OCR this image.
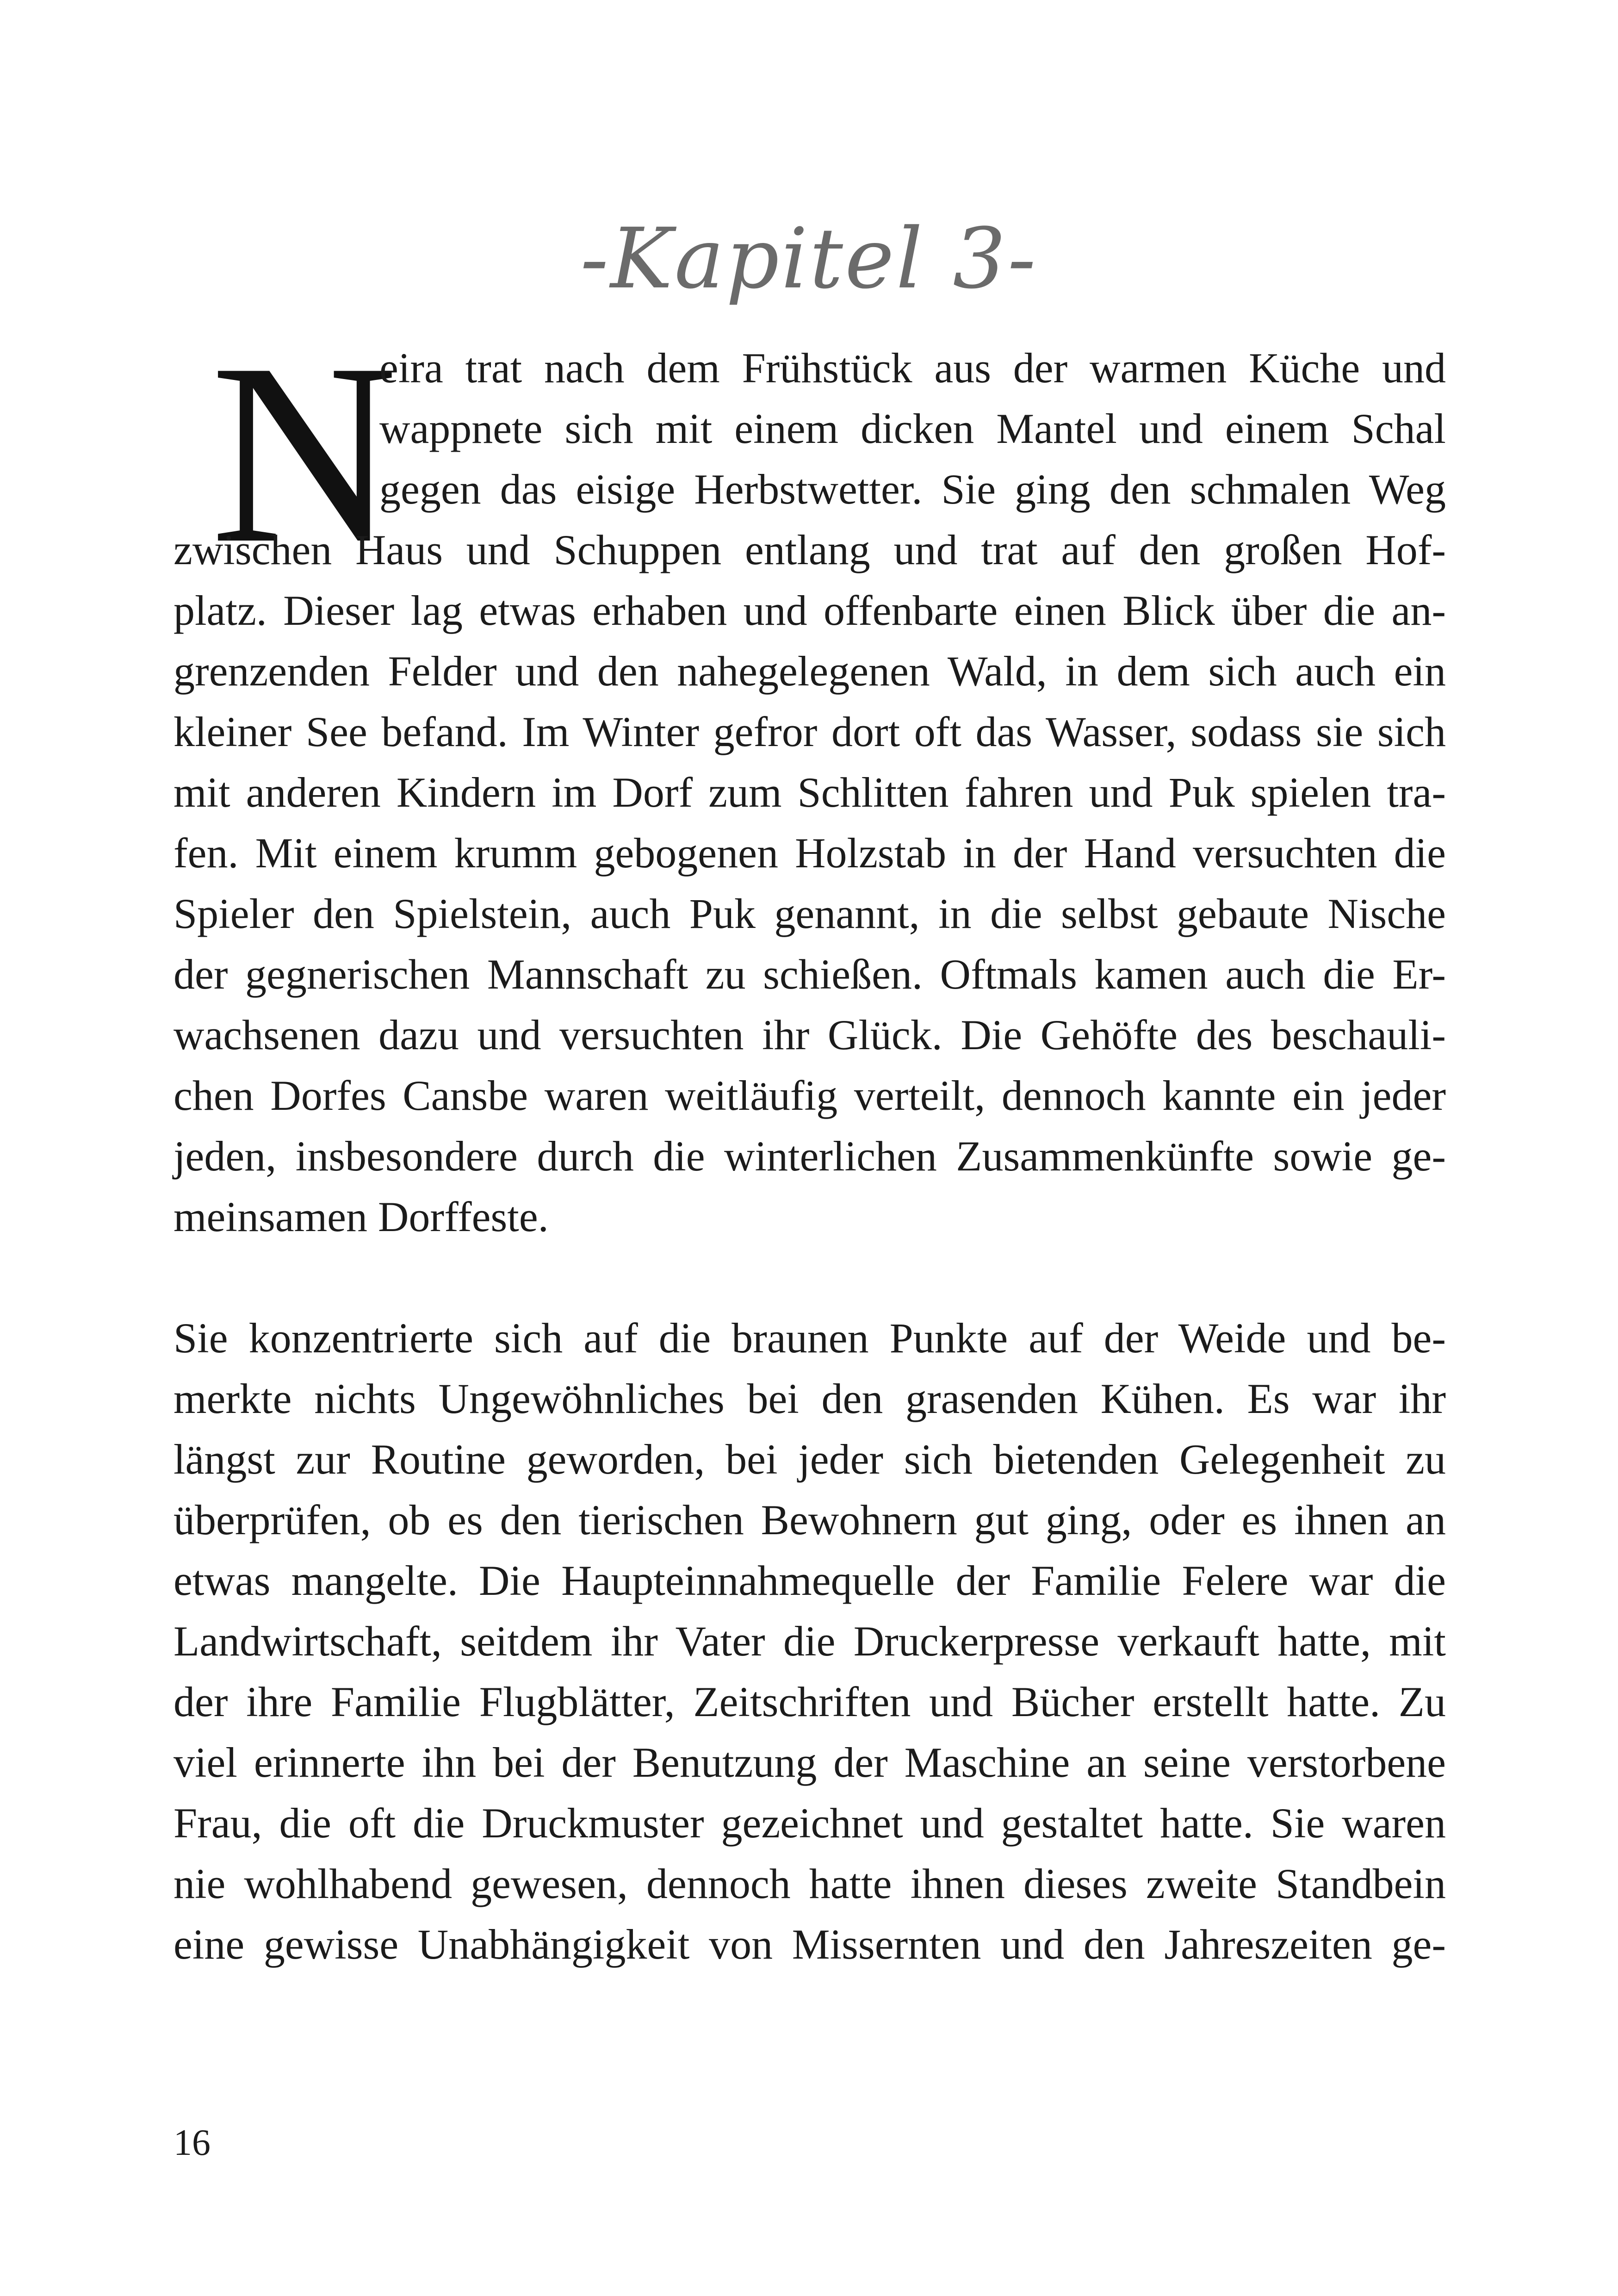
-Kapitel 3-
N
eira trat nach dem Frühstück aus der warmen Küche und
wappnete sich mit einem dicken Mantel und einem Schal
gegen das eisige Herbstwetter. Sie ging den schmalen Weg
zwischen Haus und Schuppen entlang und trat auf den großen Hof-
platz. Dieser lag etwas erhaben und offenbarte einen Blick über die an-
grenzenden Felder und den nahegelegenen Wald, in dem sich auch ein
kleiner See befand. Im Winter gefror dort oft das Wasser, sodass sie sich
mit anderen Kindern im Dorf zum Schlitten fahren und Puk spielen tra-
fen. Mit einem krumm gebogenen Holzstab in der Hand versuchten die
Spieler den Spielstein, auch Puk genannt, in die selbst gebaute Nische
der gegnerischen Mannschaft zu schießen. Oftmals kamen auch die Er-
wachsenen dazu und versuchten ihr Glück. Die Gehöfte des beschauli-
chen Dorfes Cansbe waren weitläufig verteilt, dennoch kannte ein jeder
jeden, insbesondere durch die winterlichen Zusammenkünfte sowie ge-
meinsamen Dorffeste.
Sie konzentrierte sich auf die braunen Punkte auf der Weide und be-
merkte nichts Ungewöhnliches bei den grasenden Kühen. Es war ihr
längst zur Routine geworden, bei jeder sich bietenden Gelegenheit zu
überprüfen, ob es den tierischen Bewohnern gut ging, oder es ihnen an
etwas mangelte. Die Haupteinnahmequelle der Familie Felere war die
Landwirtschaft, seitdem ihr Vater die Druckerpresse verkauft hatte, mit
der ihre Familie Flugblätter, Zeitschriften und Bücher erstellt hatte. Zu
viel erinnerte ihn bei der Benutzung der Maschine an seine verstorbene
Frau, die oft die Druckmuster gezeichnet und gestaltet hatte. Sie waren
nie wohlhabend gewesen, dennoch hatte ihnen dieses zweite Standbein
eine gewisse Unabhängigkeit von Missernten und den Jahreszeiten ge-
16
